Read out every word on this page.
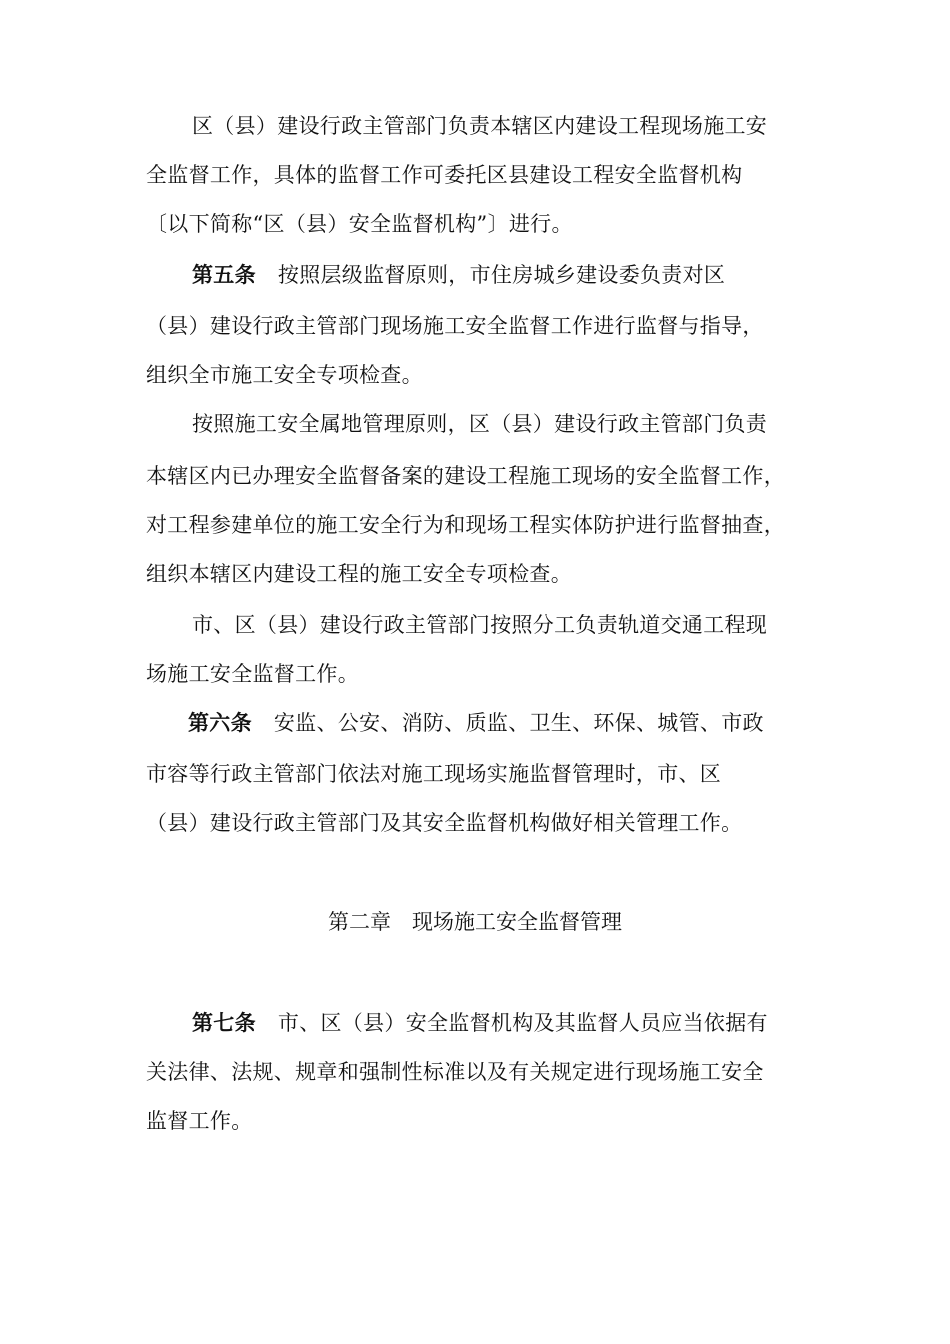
区（县）建设行政主管部门负责本辖区内建设工程现场施工安
全监督工作，具体的监督工作可委托区县建设工程安全监督机构
〔以下简称“区（县）安全监督机构”〕进行。
第五条 按照层级监督原则，市住房城乡建设委负责对区
（县）建设行政主管部门现场施工安全监督工作进行监督与指导，
组织全市施工安全专项检查。
按照施工安全属地管理原则，区（县）建设行政主管部门负责
本辖区内已办理安全监督备案的建设工程施工现场的安全监督工作，
对工程参建单位的施工安全行为和现场工程实体防护进行监督抽查，
组织本辖区内建设工程的施工安全专项检查。
市、区（县）建设行政主管部门按照分工负责轨道交通工程现
场施工安全监督工作。
第六条 安监、公安、消防、质监、卫生、环保、城管、市政
市容等行政主管部门依法对施工现场实施监督管理时，市、区
（县）建设行政主管部门及其安全监督机构做好相关管理工作。
第二章　现场施工安全监督管理
第七条 市、区（县）安全监督机构及其监督人员应当依据有
关法律、法规、规章和强制性标准以及有关规定进行现场施工安全
监督工作。
